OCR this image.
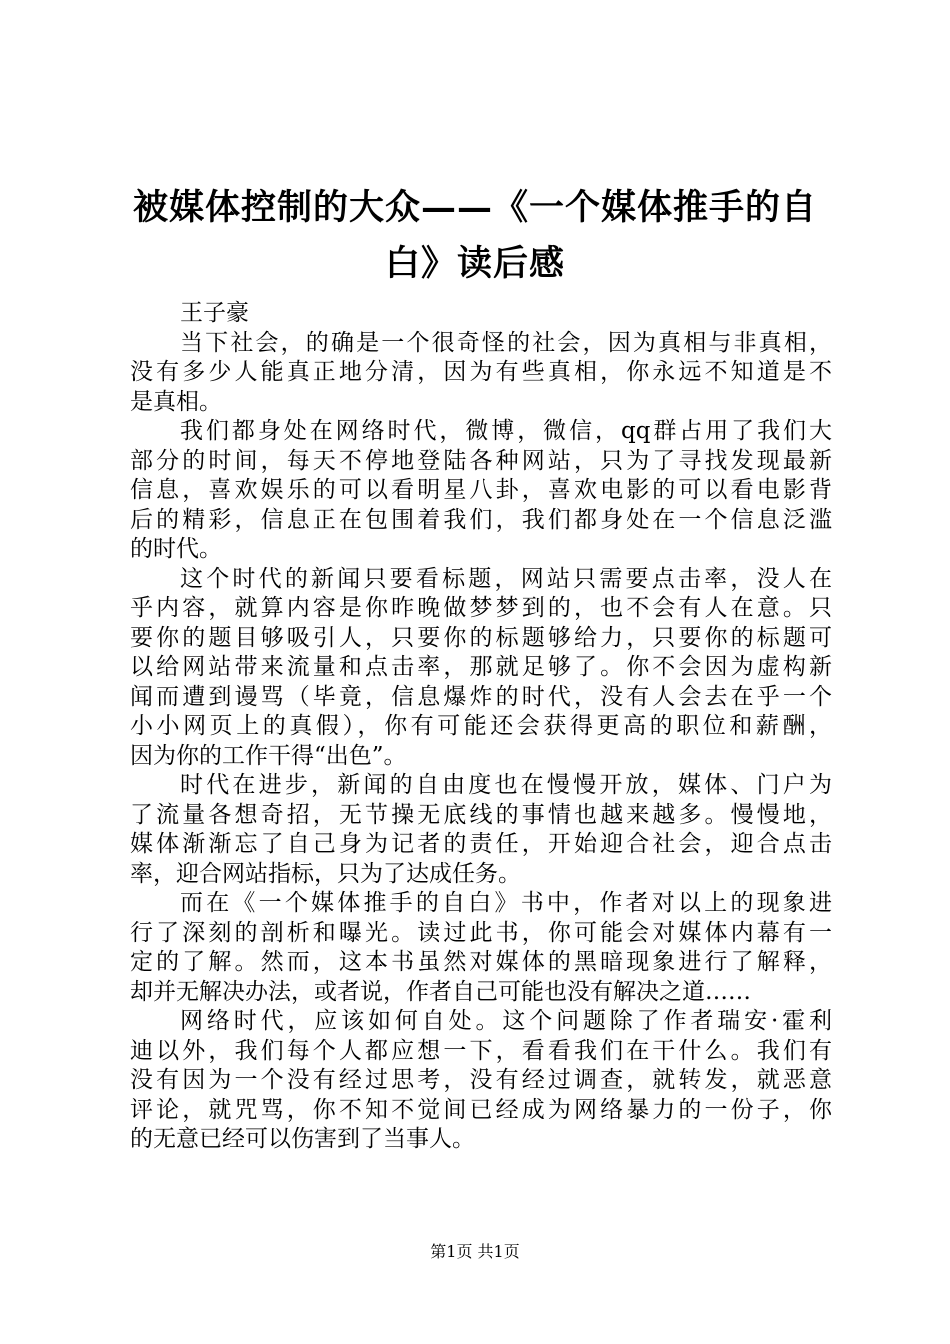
被媒体控制的大众——《一个媒体推手的自
白》读后感

王子豪

当下社会，的确是一个很奇怪的社会，因为真相与非真相，
没有多少人能真正地分清，因为有些真相，你永远不知道是不
是真相。

我们都身处在网络时代，微博，微信，qq群占用了我们大
部分的时间，每天不停地登陆各种网站，只为了寻找发现最新
信息，喜欢娱乐的可以看明星八卦，喜欢电影的可以看电影背
后的精彩，信息正在包围着我们，我们都身处在一个信息泛滥
的时代。

这个时代的新闻只要看标题，网站只需要点击率，没人在
乎内容，就算内容是你昨晚做梦梦到的，也不会有人在意。只
要你的题目够吸引人，只要你的标题够给力，只要你的标题可
以给网站带来流量和点击率，那就足够了。你不会因为虚构新
闻而遭到谩骂（毕竟，信息爆炸的时代，没有人会去在乎一个
小小网页上的真假），你有可能还会获得更高的职位和薪酬，
因为你的工作干得“出色”。

时代在进步，新闻的自由度也在慢慢开放，媒体、门户为
了流量各想奇招，无节操无底线的事情也越来越多。慢慢地，
媒体渐渐忘了自己身为记者的责任，开始迎合社会，迎合点击
率，迎合网站指标，只为了达成任务。

而在《一个媒体推手的自白》书中，作者对以上的现象进
行了深刻的剖析和曝光。读过此书，你可能会对媒体内幕有一
定的了解。然而，这本书虽然对媒体的黑暗现象进行了解释，
却并无解决办法，或者说，作者自己可能也没有解决之道……

网络时代，应该如何自处。这个问题除了作者瑞安·霍利
迪以外，我们每个人都应想一下，看看我们在干什么。我们有
没有因为一个没有经过思考，没有经过调查，就转发，就恶意
评论，就咒骂，你不知不觉间已经成为网络暴力的一份子，你
的无意已经可以伤害到了当事人。

第1页 共1页
